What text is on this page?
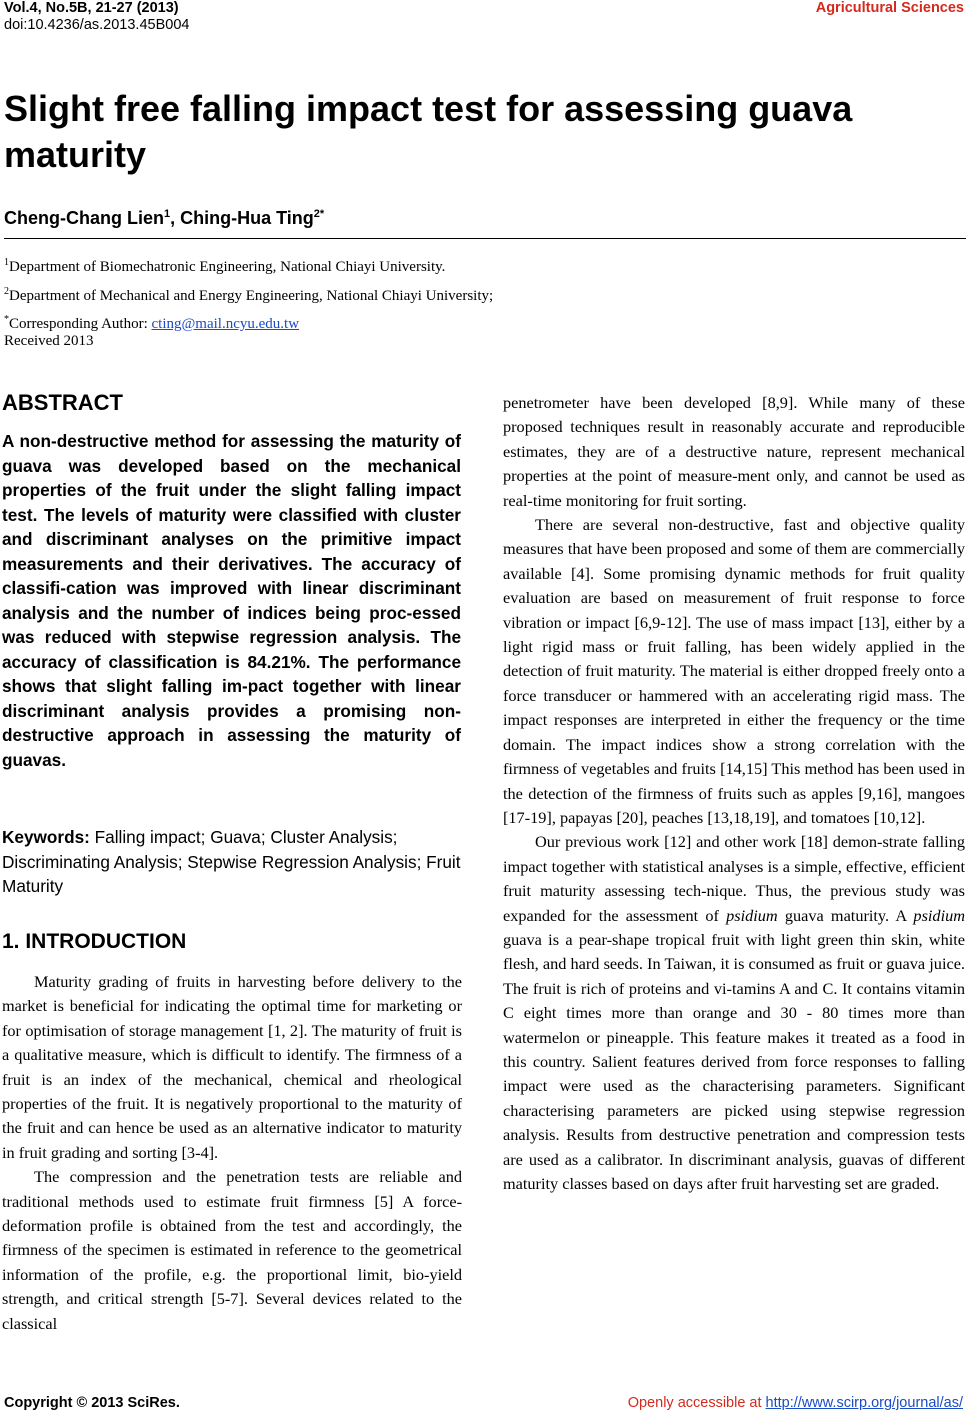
Vol.4, No.5B, 21-27 (2013)
doi:10.4236/as.2013.45B004
Agricultural Sciences
Slight free falling impact test for assessing guava maturity
Cheng-Chang Lien$^1$, Ching-Hua Ting$^{2*}$
$^1$Department of Biomechatronic Engineering, National Chiayi University.
$^2$Department of Mechanical and Energy Engineering, National Chiayi University;
*Corresponding Author: cting@mail.ncyu.edu.tw
Received 2013
ABSTRACT

A non-destructive method for assessing the maturity of guava was developed based on the mechanical properties of the fruit under the slight falling impact test. The levels of maturity were classified with cluster and discriminant analyses on the primitive impact measurements and their derivatives. The accuracy of classifi-cation was improved with linear discriminant analysis and the number of indices being proc-essed was reduced with stepwise regression analysis. The accuracy of classification is 84.21%. The performance shows that slight falling im-pact together with linear discriminant analysis provides a promising non-destructive approach in assessing the maturity of guavas.

Keywords: Falling impact; Guava; Cluster Analysis; Discriminating Analysis; Stepwise Regression Analysis; Fruit Maturity

1. INTRODUCTION

Maturity grading of fruits in harvesting before delivery to the market is beneficial for indicating the optimal time for marketing or for optimisation of storage management [1, 2]. The maturity of fruit is a qualitative measure, which is difficult to identify. The firmness of a fruit is an index of the mechanical, chemical and rheological properties of the fruit. It is negatively proportional to the maturity of the fruit and can hence be used as an alternative indicator to maturity in fruit grading and sorting [3-4].

The compression and the penetration tests are reliable and traditional methods used to estimate fruit firmness [5] A force-deformation profile is obtained from the test and accordingly, the firmness of the specimen is estimated in reference to the geometrical information of the profile, e.g. the proportional limit, bio-yield strength, and critical strength [5-7]. Several devices related to the classical

penetrometer have been developed [8,9]. While many of these proposed techniques result in reasonably accurate and reproducible estimates, they are of a destructive nature, represent mechanical properties at the point of measure-ment only, and cannot be used as real-time monitoring for fruit sorting.

There are several non-destructive, fast and objective quality measures that have been proposed and some of them are commercially available [4]. Some promising dynamic methods for fruit quality evaluation are based on measurement of fruit response to force vibration or impact [6,9-12]. The use of mass impact [13], either by a light rigid mass or fruit falling, has been widely applied in the detection of fruit maturity. The material is either dropped freely onto a force transducer or hammered with an accelerating rigid mass. The impact responses are interpreted in either the frequency or the time domain. The impact indices show a strong correlation with the firmness of vegetables and fruits [14,15] This method has been used in the detection of the firmness of fruits such as apples [9,16], mangoes [17-19], papayas [20], peaches [13,18,19], and tomatoes [10,12].

Our previous work [12] and other work [18] demon-strate falling impact together with statistical analyses is a simple, effective, efficient fruit maturity assessing tech-nique. Thus, the previous study was expanded for the assessment of psidium guava maturity. A psidium guava is a pear-shape tropical fruit with light green thin skin, white flesh, and hard seeds. In Taiwan, it is consumed as fruit or guava juice. The fruit is rich of proteins and vi-tamins A and C. It contains vitamin C eight times more than orange and 30 - 80 times more than watermelon or pineapple. This feature makes it treated as a food in this country. Salient features derived from force responses to falling impact were used as the characterising parameters. Significant characterising parameters are picked using stepwise regression analysis. Results from destructive penetration and compression tests are used as a calibrator. In discriminant analysis, guavas of different maturity classes based on days after fruit harvesting set are graded.

Copyright © 2013 SciRes.	Openly accessible at http://www.scirp.org/journal/as/
